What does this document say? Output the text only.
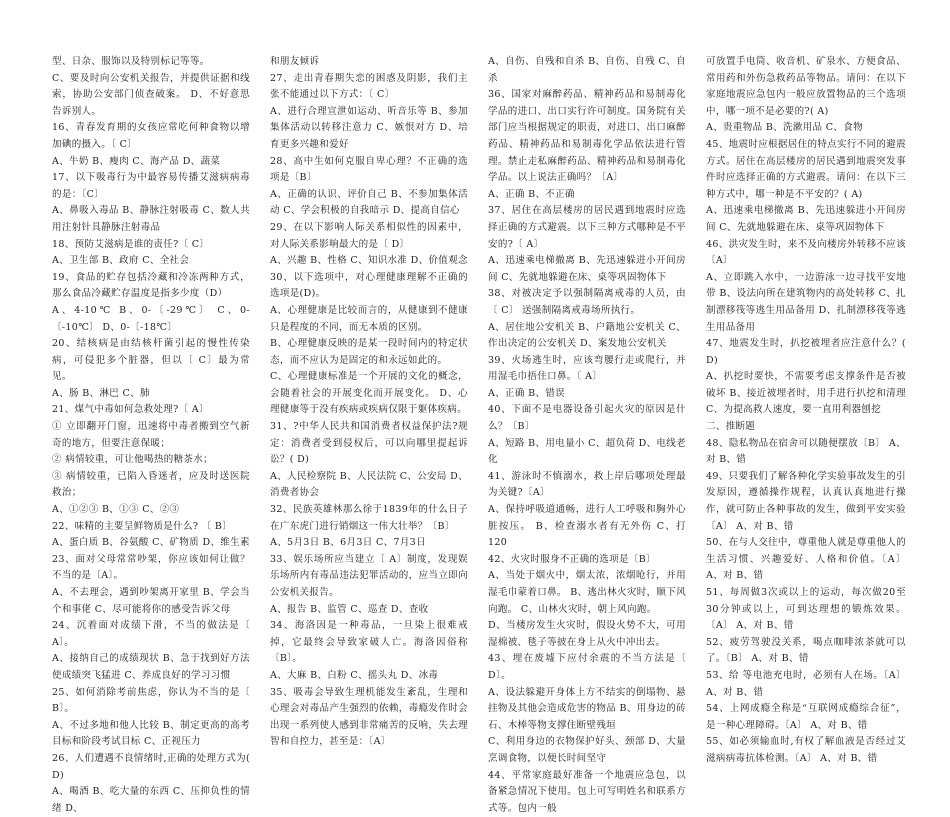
型、日杂、服饰以及特别标记等等。

C、要及时向公安机关报告，并提供证据和线索，协助公安部门侦查破案。 D、不好意思告诉别人。

16、青春发育期的女孩应常吃何种食物以增加碘的摄入。〔 C〕

A、牛奶 B、瘦肉 C、海产品 D、蔬菜

17、以下吸毒行为中最容易传播艾滋病病毒的是：〔C〕

A、鼻吸入毒品 B、静脉注射吸毒 C、数人共用注射针具静脉注射毒品

18、预防艾滋病是谁的责任?〔 C〕

A、卫生部 B、政府 C、全社会

19、食品的贮存包括冷藏和冷冻两种方式，那么食品冷藏贮存温度是指多少度（D）

A、4-10℃ B、0-〔-29℃〕 C、0-〔-10℃〕 D、0-〔-18℃〕

20、结核病是由结核杆菌引起的慢性传染病，可侵犯多个脏器，但以〔 C〕最为常见。

A、肠 B、淋巴 C、肺

21、煤气中毒如何急救处理?〔 A〕

① 立即翻开门窗，迅速将中毒者搬到空气新奇的地方，但要注意保暖；

② 病情较重，可让他喝热的糖茶水；

③ 病情较重，已陷入昏迷者，应及时送医院救治；

A、①②③ B、①③ C、②③

22、味精的主要呈鲜物质是什么? 〔 B〕

A、蛋白质 B、谷氨酸 C、矿物质 D、维生素

23、面对父母常常吵架，你应该如何让做？不当的是〔A〕。

A、不去理会，遇到吵架离开家里 B、学会当个和事佬 C、尽可能将你的感受告诉父母

24、沉着面对成绩下滑，不当的做法是〔 A〕。

A、接纳自己的成绩现状 B、急于找到好方法使成绩突飞猛进 C、养成良好的学习习惯

25、如何消除考前焦虑，你认为不当的是〔 B〕。

A、不过多地和他人比较 B、制定更高的高考目标和阶段考试目标 C、正视压力

26、人们遭遇不良情绪时,正确的处理方式为( D)

A、喝酒 B、吃大量的东西 C、压抑负性的情绪 D、

和朋友倾诉

27、走出青春期失恋的困惑及阴影，我们主张不能通过以下方式：〔 C〕

A、进行合理宣泄如运动、听音乐等 B、参加集体活动以转移注意力 C、嫉恨对方 D、培育更多兴趣和爱好

28、高中生如何克服自卑心理？不正确的选项是〔B〕

A、正确的认识、评价自己 B、不参加集体活动 C、学会积极的自我暗示 D、提高自信心

29、在以下影响人际关系相似性的因素中，对人际关系影响最大的是〔 D〕

A、兴趣 B、性格 C、知识水准 D、价值观念

30、以下选项中，对心理健康理解不正确的选项是(D)。

A、心理健康是比较而言的，从健康到不健康只是程度的不同，而无本质的区别。

B、心理健康反映的是某一段时间内的特定状态，而不应认为是固定的和永远如此的。

C、心理健康标准是一个开展的文化的概念，会随着社会的开展变化而开展变化。 D、心理健康等于没有疾病或疾病仅限于躯体疾病。

31、?中华人民共和国消费者权益保护法?规定：消费者受到侵权后，可以向哪里提起诉讼？( D)

A、人民检察院 B、人民法院 C、公安局 D、消费者协会

32、民族英雄林那么徐于1839年的什么日子在广东虎门进行销烟这一伟大壮举？〔B〕

A、5月3日 B、6月3日 C、7月3日

33、娱乐场所应当建立〔 A〕制度，发现娱乐场所内有毒品违法犯罪活动的，应当立即向公安机关报告。

A、报告 B、监管 C、巡查 D、查收

34、海洛因是一种毒品，一旦染上很难戒掉，它最终会导致家破人亡。海洛因俗称〔B〕。

A、大麻 B、白粉 C、摇头丸 D、冰毒

35、吸毒会导致生理机能发生紊乱，生理和心理会对毒品产生强烈的依赖，毒瘾发作时会出现一系列使人感到非常痛苦的反响，失去理智和自控力，甚至是：〔A〕

A、自伤、自残和自杀 B、自伤、自残 C、自杀

36、国家对麻醉药品、精神药品和易制毒化学品的进口、出口实行许可制度。国务院有关部门应当根据规定的职责，对进口、出口麻醉药品、精神药品和易制毒化学品依法进行管理。禁止走私麻醉药品、精神药品和易制毒化学品。以上说法正确吗？〔A〕

A、正确 B、不正确

37、居住在高层楼房的居民遇到地震时应选择正确的方式避震。以下三种方式哪种是不平安的?〔 A〕

A、迅速乘电梯撤离 B、先迅速躲进小开间房间 C、先就地躲避在床、桌等巩固物体下

38、对被决定予以强制隔离戒毒的人员，由〔 C〕 送强制隔离戒毒场所执行。

A、居住地公安机关 B、户籍地公安机关 C、作出决定的公安机关 D、案发地公安机关

39、火场逃生时，应该弯腰行走或爬行，并用湿毛巾捂住口鼻。〔 A〕

A、正确 B、错误

40、下面不是电器设备引起火灾的原因是什么？〔B〕

A、短路 B、用电量小 C、超负荷 D、电线老化

41、游泳时不慎溺水，救上岸后哪项处理最为关键?〔A〕

A、保持呼吸道通畅，进行人工呼吸和胸外心脏按压。 B、检查溺水者有无外伤 C、打120

42、火灾时服身不正确的选项是〔B〕

A、当处于烟火中，烟太浓，浓烟呛行，并用湿毛巾蒙着口鼻。 B、逃出林火灾时，顺下风向跑。 C、山林火灾时，朝上风向跑。

D、当楼房发生火灾时，假设火势不大，可用湿棉被、毯子等披在身上从火中冲出去。

43、埋在废墟下应付余震的不当方法是〔 D〕。

A、设法躲避开身体上方不结实的倒塌物、悬挂物及其他会造成危害的物品 B、用身边的砖石、木棒等物支撑住断壁残垣

C、利用身边的衣物保护好头、颈部 D、大量烹调食物，以便长时间坚守

44、平常家庭最好准备一个地震应急包，以备紧急情况下使用。包上可写明姓名和联系方式等。包内一般

可放置手电筒、收音机、矿泉水、方便食品、常用药和外伤急救药品等物品。请问：在以下家庭地震应急包内一般应放置物品的三个选项中，哪一项不是必要的?( A)

A、贵重物品 B、洗漱用品 C、食物

45、地震时应根据居住的特点实行不同的避震方式。居住在高层楼房的居民遇到地震突发事件时应选择正确的方式避震。请问：在以下三种方式中，哪一种是不平安的？( A)

A、迅速乘电梯撤离 B、先迅速躲进小开间房间 C、先就地躲避在床、桌等巩固物体下

46、洪灾发生时，来不及向楼房外转移不应该〔A〕

A、立即跳入水中，一边游泳一边寻找平安地带 B、设法向所在建筑物内的高处转移 C、扎制漂移筏等逃生用品备用 D、扎制漂移筏等逃生用品备用

47、地震发生时，扒挖被埋者应注意什么？( D)

A、扒挖时要快，不需要考虑支撑条件是否被破坏 B、接近被埋者时，用手进行扒挖和清理 C、为提高救人速度，要一直用利器刨挖

二、推断题

48、隐私物品在宿舍可以随便摆放〔B〕 A、对 B、错

49、只要我们了解各种化学实验事故发生的引发原因，遵循操作规程，认真认真地进行操作，就可防止各种事故的发生，做到平安实验〔A〕 A、对 B、错

50、在与人交往中，尊重他人就是尊重他人的生活习惯、兴趣爱好、人格和价值。〔A〕 A、对 B、错

51、每周做3次或以上的运动，每次做20至30分钟或以上，可到达理想的锻炼效果。〔A〕 A、对 B、错

52、疲劳驾驶没关系，喝点咖啡浓茶就可以了。〔B〕 A、对 B、错

53、给 等电池充电时，必须有人在场。〔A〕 A、对 B、错

54、上网成瘾全称是“互联网成瘾综合征”，是一种心理障碍。〔A〕 A、对 B、错

55、如必须输血时,有权了解血液是否经过艾滋病病毒抗体检测。〔A〕 A、对 B、错
